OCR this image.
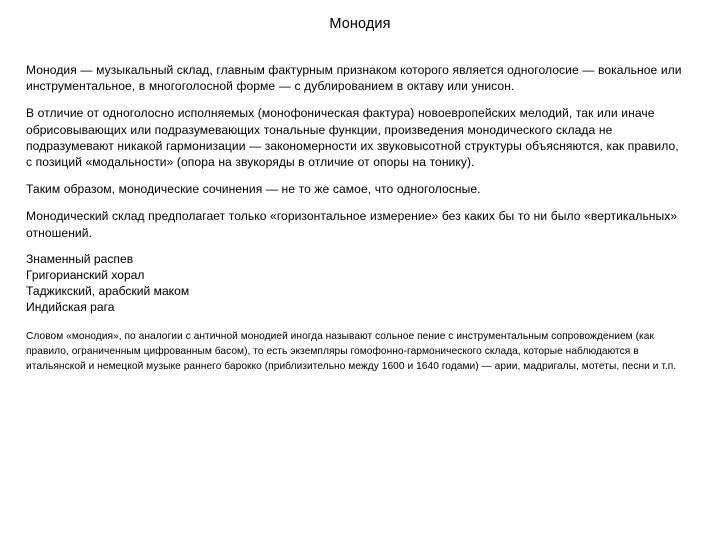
Монодия

Монодия — музыкальный склад, главным фактурным признаком которого является одноголосие — вокальное или инструментальное, в многоголосной форме — с дублированием в октаву или унисон.

В отличие от одноголосно исполняемых (монофоническая фактура) новоевропейских мелодий, так или иначе обрисовывающих или подразумевающих тональные функции, произведения монодического склада не подразумевают никакой гармонизации — закономерности их звуковысотной структуры объясняются, как правило, с позиций «модальности» (опора на звукоряды в отличие от опоры на тонику).

Таким образом, монодические сочинения — не то же самое, что одноголосные.

Монодический склад предполагает только «горизонтальное измерение» без каких бы то ни было «вертикальных» отношений.

Знаменный распев
Григорианский хорал
Таджикский, арабский маком
Индийская рага

Словом «монодия», по аналогии с античной монодией иногда называют сольное пение с инструментальным сопровождением (как правило, ограниченным цифрованным басом), то есть экземпляры гомофонно-гармонического склада, которые наблюдаются в итальянской и немецкой музыке раннего барокко (приблизительно между 1600 и 1640 годами) — арии, мадригалы, мотеты, песни и т.п.
